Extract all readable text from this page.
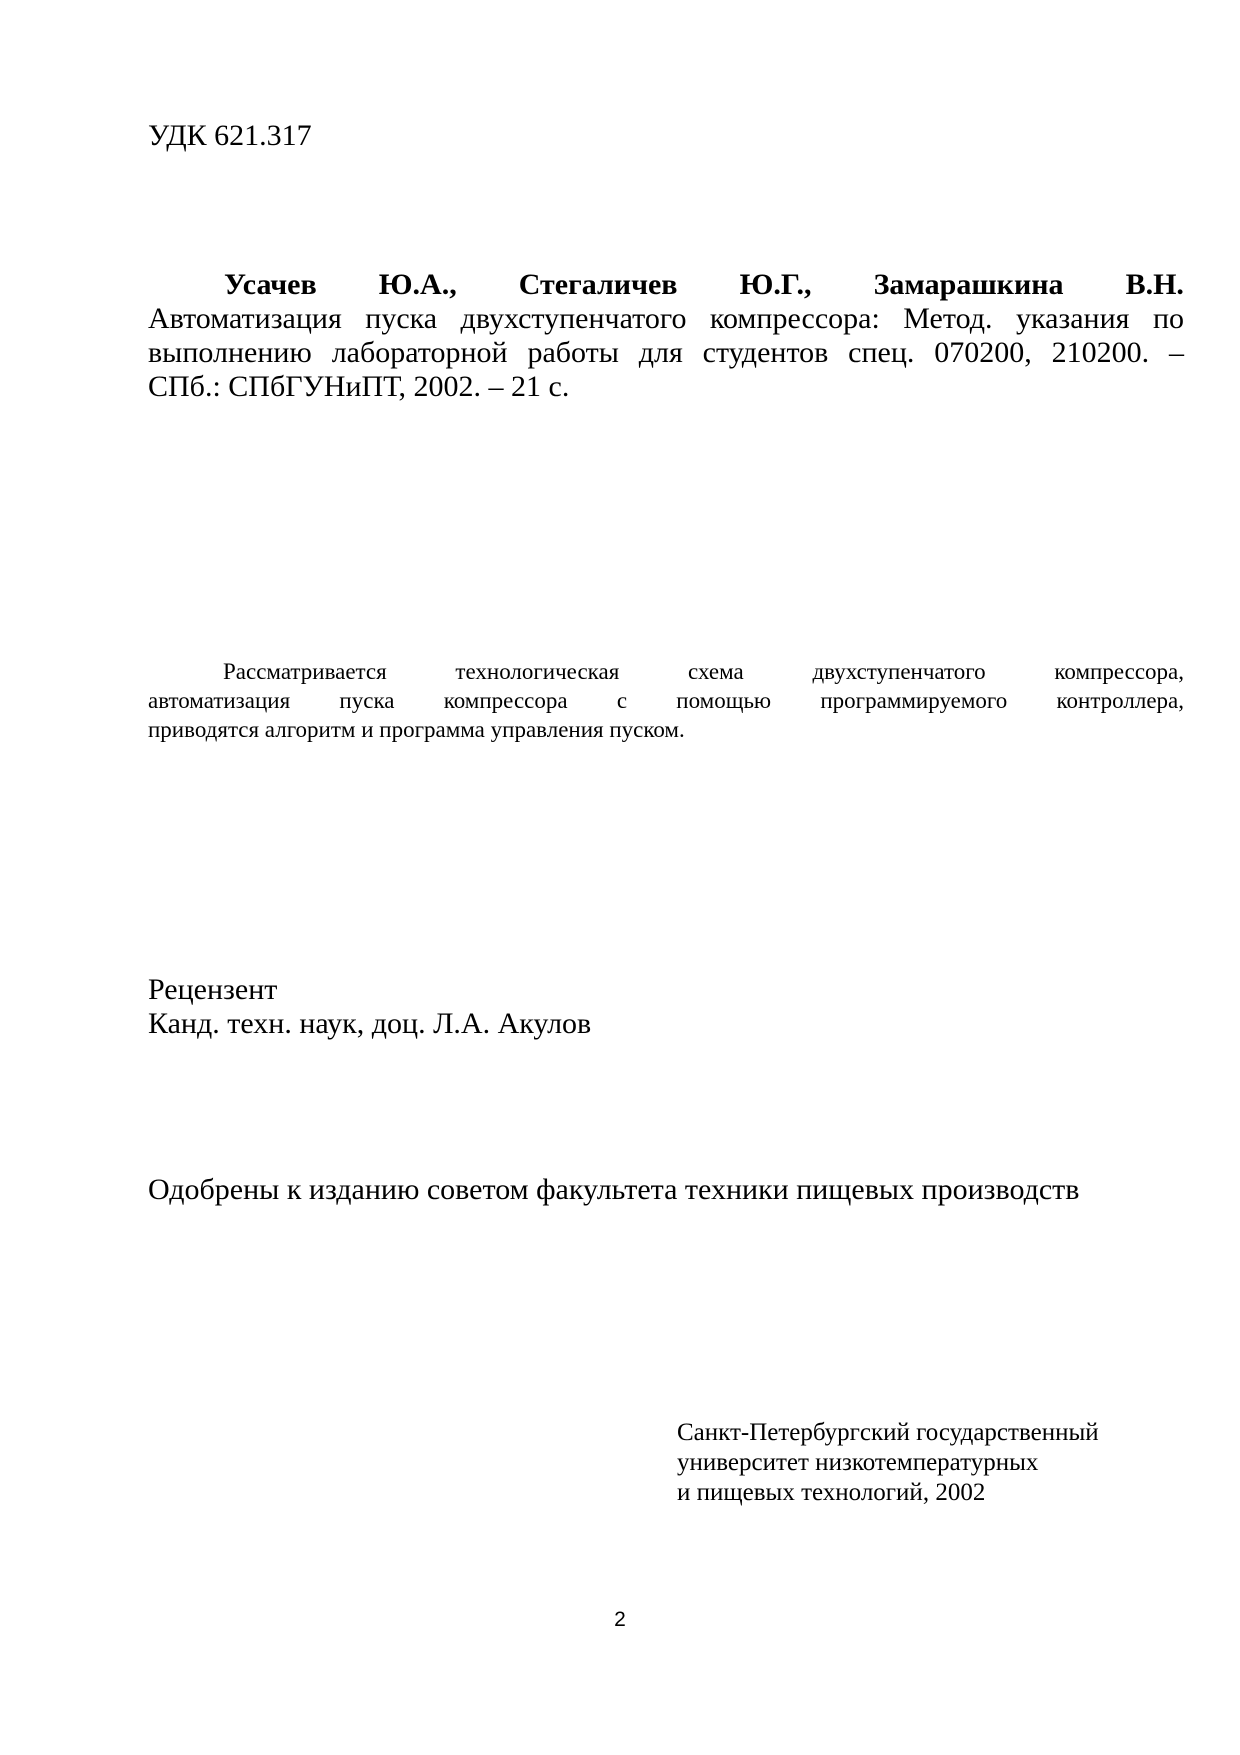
УДК 621.317
Усачев Ю.А., Стегаличев Ю.Г., Замарашкина В.Н.
Автоматизация пуска двухступенчатого компрессора: Метод. указания по
выполнению лабораторной работы для студентов спец. 070200, 210200. –
СПб.: СПбГУНиПТ, 2002. – 21 с.
Рассматривается технологическая схема двухступенчатого компрессора,
автоматизация пуска компрессора с помощью программируемого контроллера,
приводятся алгоритм и программа управления пуском.
Рецензент
Канд. техн. наук, доц. Л.А. Акулов
Одобрены к изданию советом факультета техники пищевых производств
Санкт-Петербургский государственный
университет низкотемпературных
и пищевых технологий, 2002
2
